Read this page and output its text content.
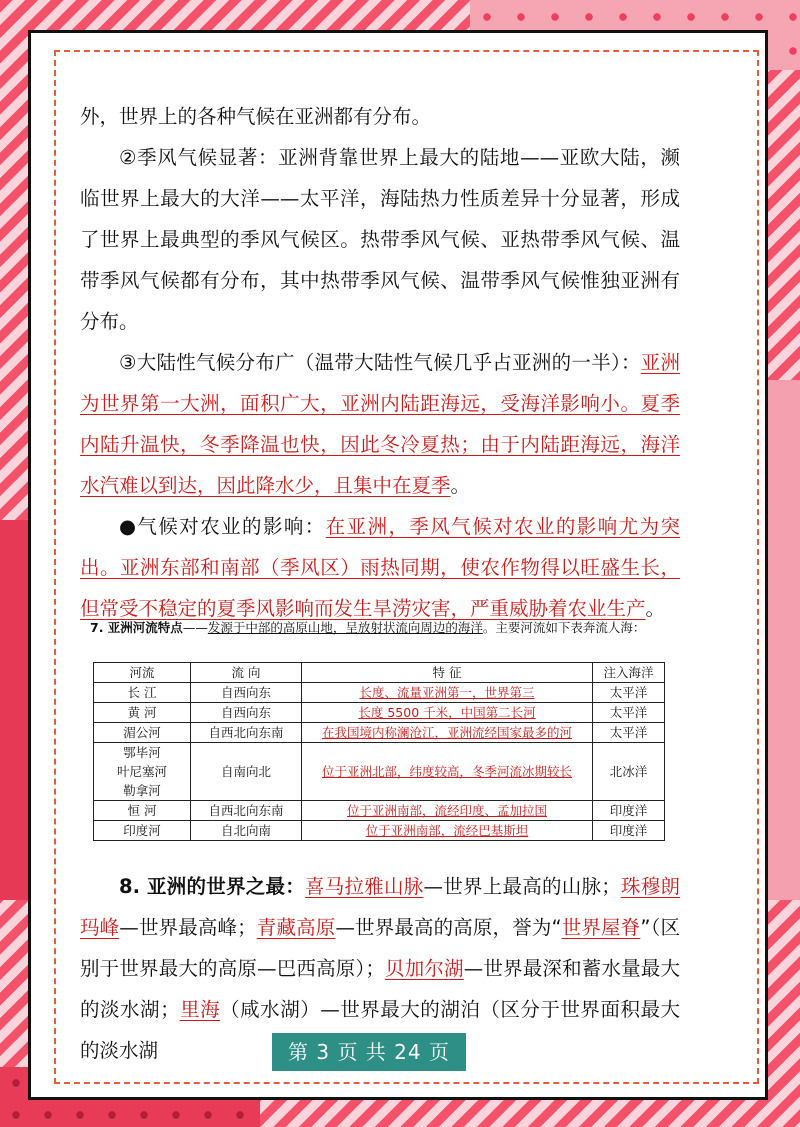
外，世界上的各种气候在亚洲都有分布。

②季风气候显著：亚洲背靠世界上最大的陆地——亚欧大陆，濒临世界上最大的大洋——太平洋，海陆热力性质差异十分显著，形成了世界上最典型的季风气候区。热带季风气候、亚热带季风气候、温带季风气候都有分布，其中热带季风气候、温带季风气候惟独亚洲有分布。

③大陆性气候分布广（温带大陆性气候几乎占亚洲的一半）：亚洲为世界第一大洲，面积广大，亚洲内陆距海远，受海洋影响小。夏季内陆升温快，冬季降温也快，因此冬冷夏热；由于内陆距海远，海洋水汽难以到达，因此降水少，且集中在夏季。

●气候对农业的影响：在亚洲，季风气候对农业的影响尤为突出。亚洲东部和南部（季风区）雨热同期，使农作物得以旺盛生长，但常受不稳定的夏季风影响而发生旱涝灾害，严重威胁着农业生产。

7. 亚洲河流特点——发源于中部的高原山地，呈放射状流向周边的海洋。主要河流如下表奔流人海：
河流	流 向	特 征	注入海洋
长 江	自西向东	长度、流量亚洲第一，世界第三	太平洋
黄 河	自西向东	长度 5500 千米，中国第二长河	太平洋
湄公河	自西北向东南	在我国境内称澜沧江，亚洲流经国家最多的河	太平洋
鄂毕河
叶尼塞河
勒拿河	自南向北	位于亚洲北部，纬度较高，冬季河流冰期较长	北冰洋
恒 河	自西北向东南	位于亚洲南部，流经印度、孟加拉国	印度洋
印度河	自北向南	位于亚洲南部，流经巴基斯坦	印度洋

8. 亚洲的世界之最：喜马拉雅山脉—世界上最高的山脉；珠穆朗玛峰—世界最高峰；青藏高原—世界最高的高原，誉为“世界屋脊”（区别于世界最大的高原—巴西高原）；贝加尔湖—世界最深和蓄水量最大的淡水湖；里海（咸水湖）—世界最大的湖泊（区分于世界面积最大的淡水湖	第 3 页 共 24 页
